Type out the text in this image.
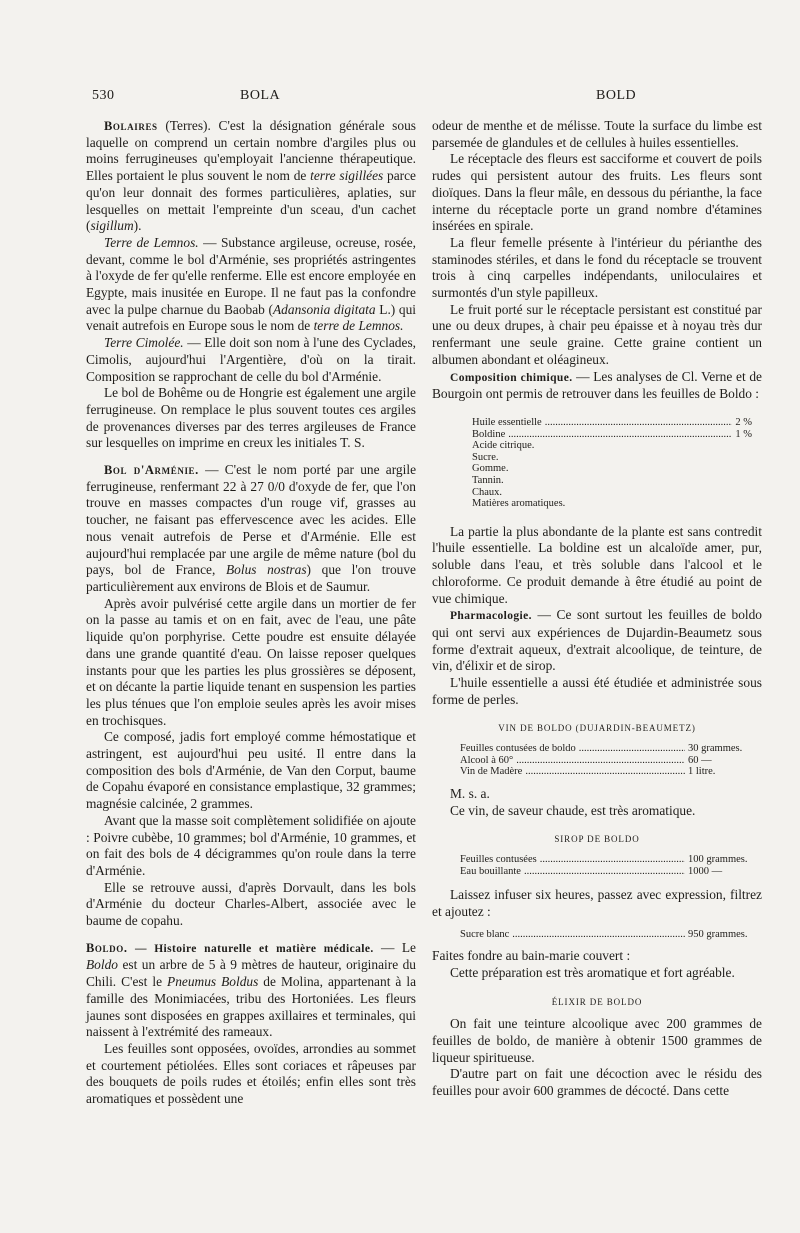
530	BOLA	BOLD

Bolaires (Terres). C'est la désignation générale sous laquelle on comprend un certain nombre d'argiles plus ou moins ferrugineuses qu'employait l'ancienne thérapeutique. Elles portaient le plus souvent le nom de terre sigillées parce qu'on leur donnait des formes particulières, aplaties, sur lesquelles on mettait l'empreinte d'un sceau, d'un cachet (sigillum).

Terre de Lemnos. — Substance argileuse, ocreuse, rosée, devant, comme le bol d'Arménie, ses propriétés astringentes à l'oxyde de fer qu'elle renferme. Elle est encore employée en Egypte, mais inusitée en Europe. Il ne faut pas la confondre avec la pulpe charnue du Baobab (Adansonia digitata L.) qui venait autrefois en Europe sous le nom de terre de Lemnos.

Terre Cimolée. — Elle doit son nom à l'une des Cyclades, Cimolis, aujourd'hui l'Argentière, d'où on la tirait. Composition se rapprochant de celle du bol d'Arménie.

Le bol de Bohême ou de Hongrie est également une argile ferrugineuse. On remplace le plus souvent toutes ces argiles de provenances diverses par des terres argileuses de France sur lesquelles on imprime en creux les initiales T. S.

Bol d'Arménie. — C'est le nom porté par une argile ferrugineuse, renfermant 22 à 27 0/0 d'oxyde de fer, que l'on trouve en masses compactes d'un rouge vif, grasses au toucher, ne faisant pas effervescence avec les acides. Elle nous venait autrefois de Perse et d'Arménie. Elle est aujourd'hui remplacée par une argile de même nature (bol du pays, bol de France, Bolus nostras) que l'on trouve particulièrement aux environs de Blois et de Saumur.

Après avoir pulvérisé cette argile dans un mortier de fer on la passe au tamis et on en fait, avec de l'eau, une pâte liquide qu'on porphyrise. Cette poudre est ensuite délayée dans une grande quantité d'eau. On laisse reposer quelques instants pour que les parties les plus grossières se déposent, et on décante la partie liquide tenant en suspension les parties les plus ténues que l'on emploie seules après les avoir mises en trochisques.

Ce composé, jadis fort employé comme hémostatique et astringent, est aujourd'hui peu usité. Il entre dans la composition des bols d'Arménie, de Van den Corput, baume de Copahu évaporé en consistance emplastique, 32 grammes; magnésie calcinée, 2 grammes.

Avant que la masse soit complètement solidifiée on ajoute : Poivre cubèbe, 10 grammes; bol d'Arménie, 10 grammes, et on fait des bols de 4 décigrammes qu'on roule dans la terre d'Arménie.

Elle se retrouve aussi, d'après Dorvault, dans les bols d'Arménie du docteur Charles-Albert, associée avec le baume de copahu.

Boldo. — Histoire naturelle et matière médicale. — Le Boldo est un arbre de 5 à 9 mètres de hauteur, originaire du Chili. C'est le Pneumus Boldus de Molina, appartenant à la famille des Monimiacées, tribu des Hortoniées. Les fleurs jaunes sont disposées en grappes axillaires et terminales, qui naissent à l'extrémité des rameaux.

Les feuilles sont opposées, ovoïdes, arrondies au sommet et courtement pétiolées. Elles sont coriaces et râpeuses par des bouquets de poils rudes et étoilés; enfin elles sont très aromatiques et possèdent une

odeur de menthe et de mélisse. Toute la surface du limbe est parsemée de glandules et de cellules à huiles essentielles.

Le réceptacle des fleurs est sacciforme et couvert de poils rudes qui persistent autour des fruits. Les fleurs sont dioïques. Dans la fleur mâle, en dessous du périanthe, la face interne du réceptacle porte un grand nombre d'étamines insérées en spirale.

La fleur femelle présente à l'intérieur du périanthe des staminodes stériles, et dans le fond du réceptacle se trouvent trois à cinq carpelles indépendants, uniloculaires et surmontés d'un style papilleux.

Le fruit porté sur le réceptacle persistant est constitué par une ou deux drupes, à chair peu épaisse et à noyau très dur renfermant une seule graine. Cette graine contient un albumen abondant et oléagineux.

Composition chimique. — Les analyses de Cl. Verne et de Bourgoin ont permis de retrouver dans les feuilles de Boldo :

Huile essentielle .....	2 %
Boldine .....	1 %
Acide citrique.
Sucre.
Gomme.
Tannin.
Chaux.
Matières aromatiques.

La partie la plus abondante de la plante est sans contredit l'huile essentielle. La boldine est un alcaloïde amer, pur, soluble dans l'eau, et très soluble dans l'alcool et le chloroforme. Ce produit demande à être étudié au point de vue chimique.

Pharmacologie. — Ce sont surtout les feuilles de boldo qui ont servi aux expériences de Dujardin-Beaumetz sous forme d'extrait aqueux, d'extrait alcoolique, de teinture, de vin, d'élixir et de sirop.

L'huile essentielle a aussi été étudiée et administrée sous forme de perles.

VIN DE BOLDO (DUJARDIN-BEAUMETZ)
Feuilles contusées de boldo .....	30 grammes.
Alcool à 60° .....	60 —
Vin de Madère .....	1 litre.

M. s. a.

Ce vin, de saveur chaude, est très aromatique.

SIROP DE BOLDO
Feuilles contusées .....	100 grammes.
Eau bouillante .....	1000 —

Laissez infuser six heures, passez avec expression, filtrez et ajoutez :

Sucre blanc .....	950 grammes.

Faites fondre au bain-marie couvert :

Cette préparation est très aromatique et fort agréable.

ÉLIXIR DE BOLDO

On fait une teinture alcoolique avec 200 grammes de feuilles de boldo, de manière à obtenir 1500 grammes de liqueur spiritueuse.

D'autre part on fait une décoction avec le résidu des feuilles pour avoir 600 grammes de décocté. Dans cette
